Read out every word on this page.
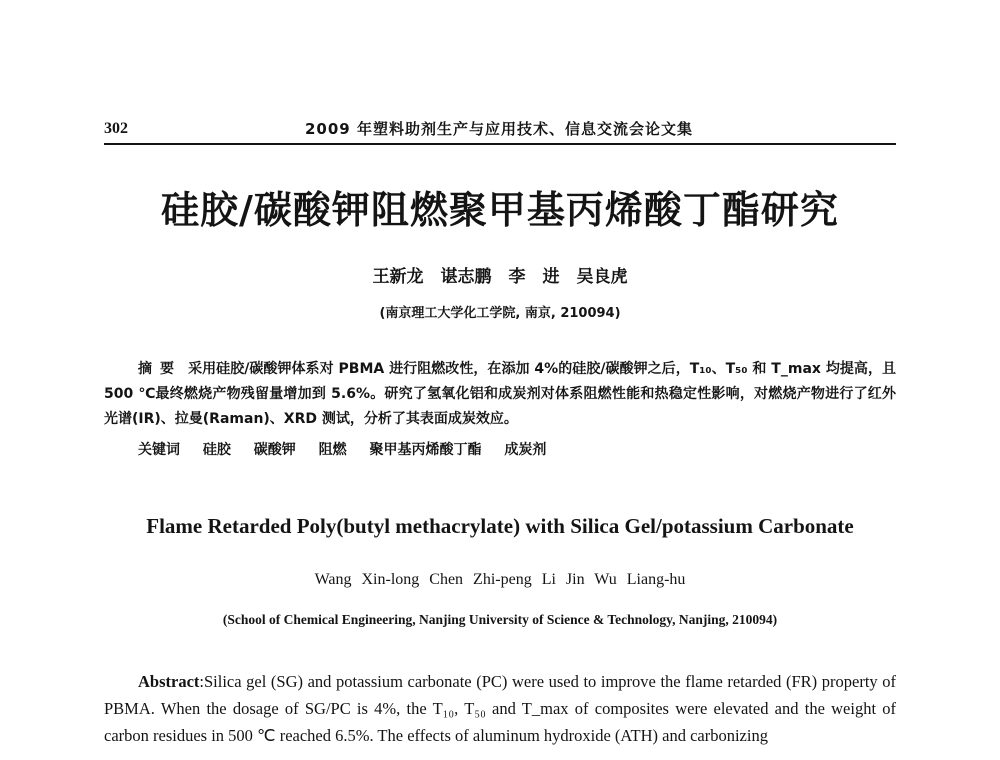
302	2009 年塑料助剂生产与应用技术、信息交流会论文集
硅胶/碳酸钾阻燃聚甲基丙烯酸丁酯研究
王新龙　谌志鹏　李　进　吴良虎
(南京理工大学化工学院, 南京, 210094)

摘要 采用硅胶/碳酸钾体系对 PBMA 进行阻燃改性，在添加 4%的硅胶/碳酸钾之后，T₁₀、T₅₀ 和 T_max 均提高，且 500 ℃最终燃烧产物残留量增加到 5.6%。研究了氢氧化铝和成炭剂对体系阻燃性能和热稳定性影响，对燃烧产物进行了红外光谱(IR)、拉曼(Raman)、XRD 测试，分析了其表面成炭效应。

关键词 硅胶 碳酸钾 阻燃 聚甲基丙烯酸丁酯 成炭剂
Flame Retarded Poly(butyl methacrylate) with Silica Gel/potassium Carbonate
Wang Xin-long Chen Zhi-peng Li Jin Wu Liang-hu
(School of Chemical Engineering, Nanjing University of Science & Technology, Nanjing, 210094)

Abstract:Silica gel (SG) and potassium carbonate (PC) were used to improve the flame retarded (FR) property of PBMA. When the dosage of SG/PC is 4%, the T₁₀, T₅₀ and T_max of composites were elevated and the weight of carbon residues in 500 ℃ reached 6.5%. The effects of aluminum hydroxide (ATH) and carbonizing
